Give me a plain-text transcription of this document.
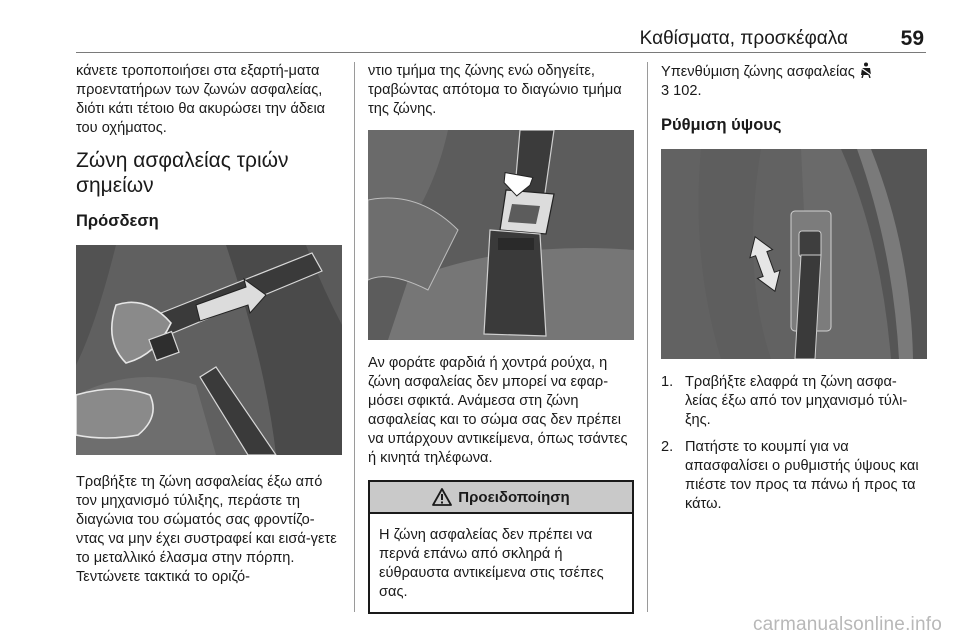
Καθίσματα, προσκέφαλα	59

κάνετε τροποποιήσει στα εξαρτή-ματα προεντατήρων των ζωνών ασφαλείας, διότι κάτι τέτοιο θα ακυρώσει την άδεια του οχήματος.

Ζώνη ασφαλείας τριών σημείων
Πρόσδεση

Τραβήξτε τη ζώνη ασφαλείας έξω από τον μηχανισμό τύλιξης, περάστε τη διαγώνια του σώματός σας φροντίζο-ντας να μην έχει συστραφεί και εισά-γετε το μεταλλικό έλασμα στην πόρπη. Τεντώνετε τακτικά το οριζό-

ντιο τμήμα της ζώνης ενώ οδηγείτε, τραβώντας απότομα το διαγώνιο τμήμα της ζώνης.

Αν φοράτε φαρδιά ή χοντρά ρούχα, η ζώνη ασφαλείας δεν μπορεί να εφαρ-μόσει σφικτά. Ανάμεσα στη ζώνη ασφαλείας και το σώμα σας δεν πρέπει να υπάρχουν αντικείμενα, όπως τσάντες ή κινητά τηλέφωνα.

Προειδοποίηση

Η ζώνη ασφαλείας δεν πρέπει να περνά επάνω από σκληρά ή εύθραυστα αντικείμενα στις τσέπες σας.

Υπενθύμιση ζώνης ασφαλείας
3 102.

Ρύθμιση ύψους
1. Τραβήξτε ελαφρά τη ζώνη ασφα-λείας έξω από τον μηχανισμό τύλι-ξης.
2. Πατήστε το κουμπί για να απασφαλίσει ο ρυθμιστής ύψους και πιέστε τον προς τα πάνω ή προς τα κάτω.
carmanualsonline.info
